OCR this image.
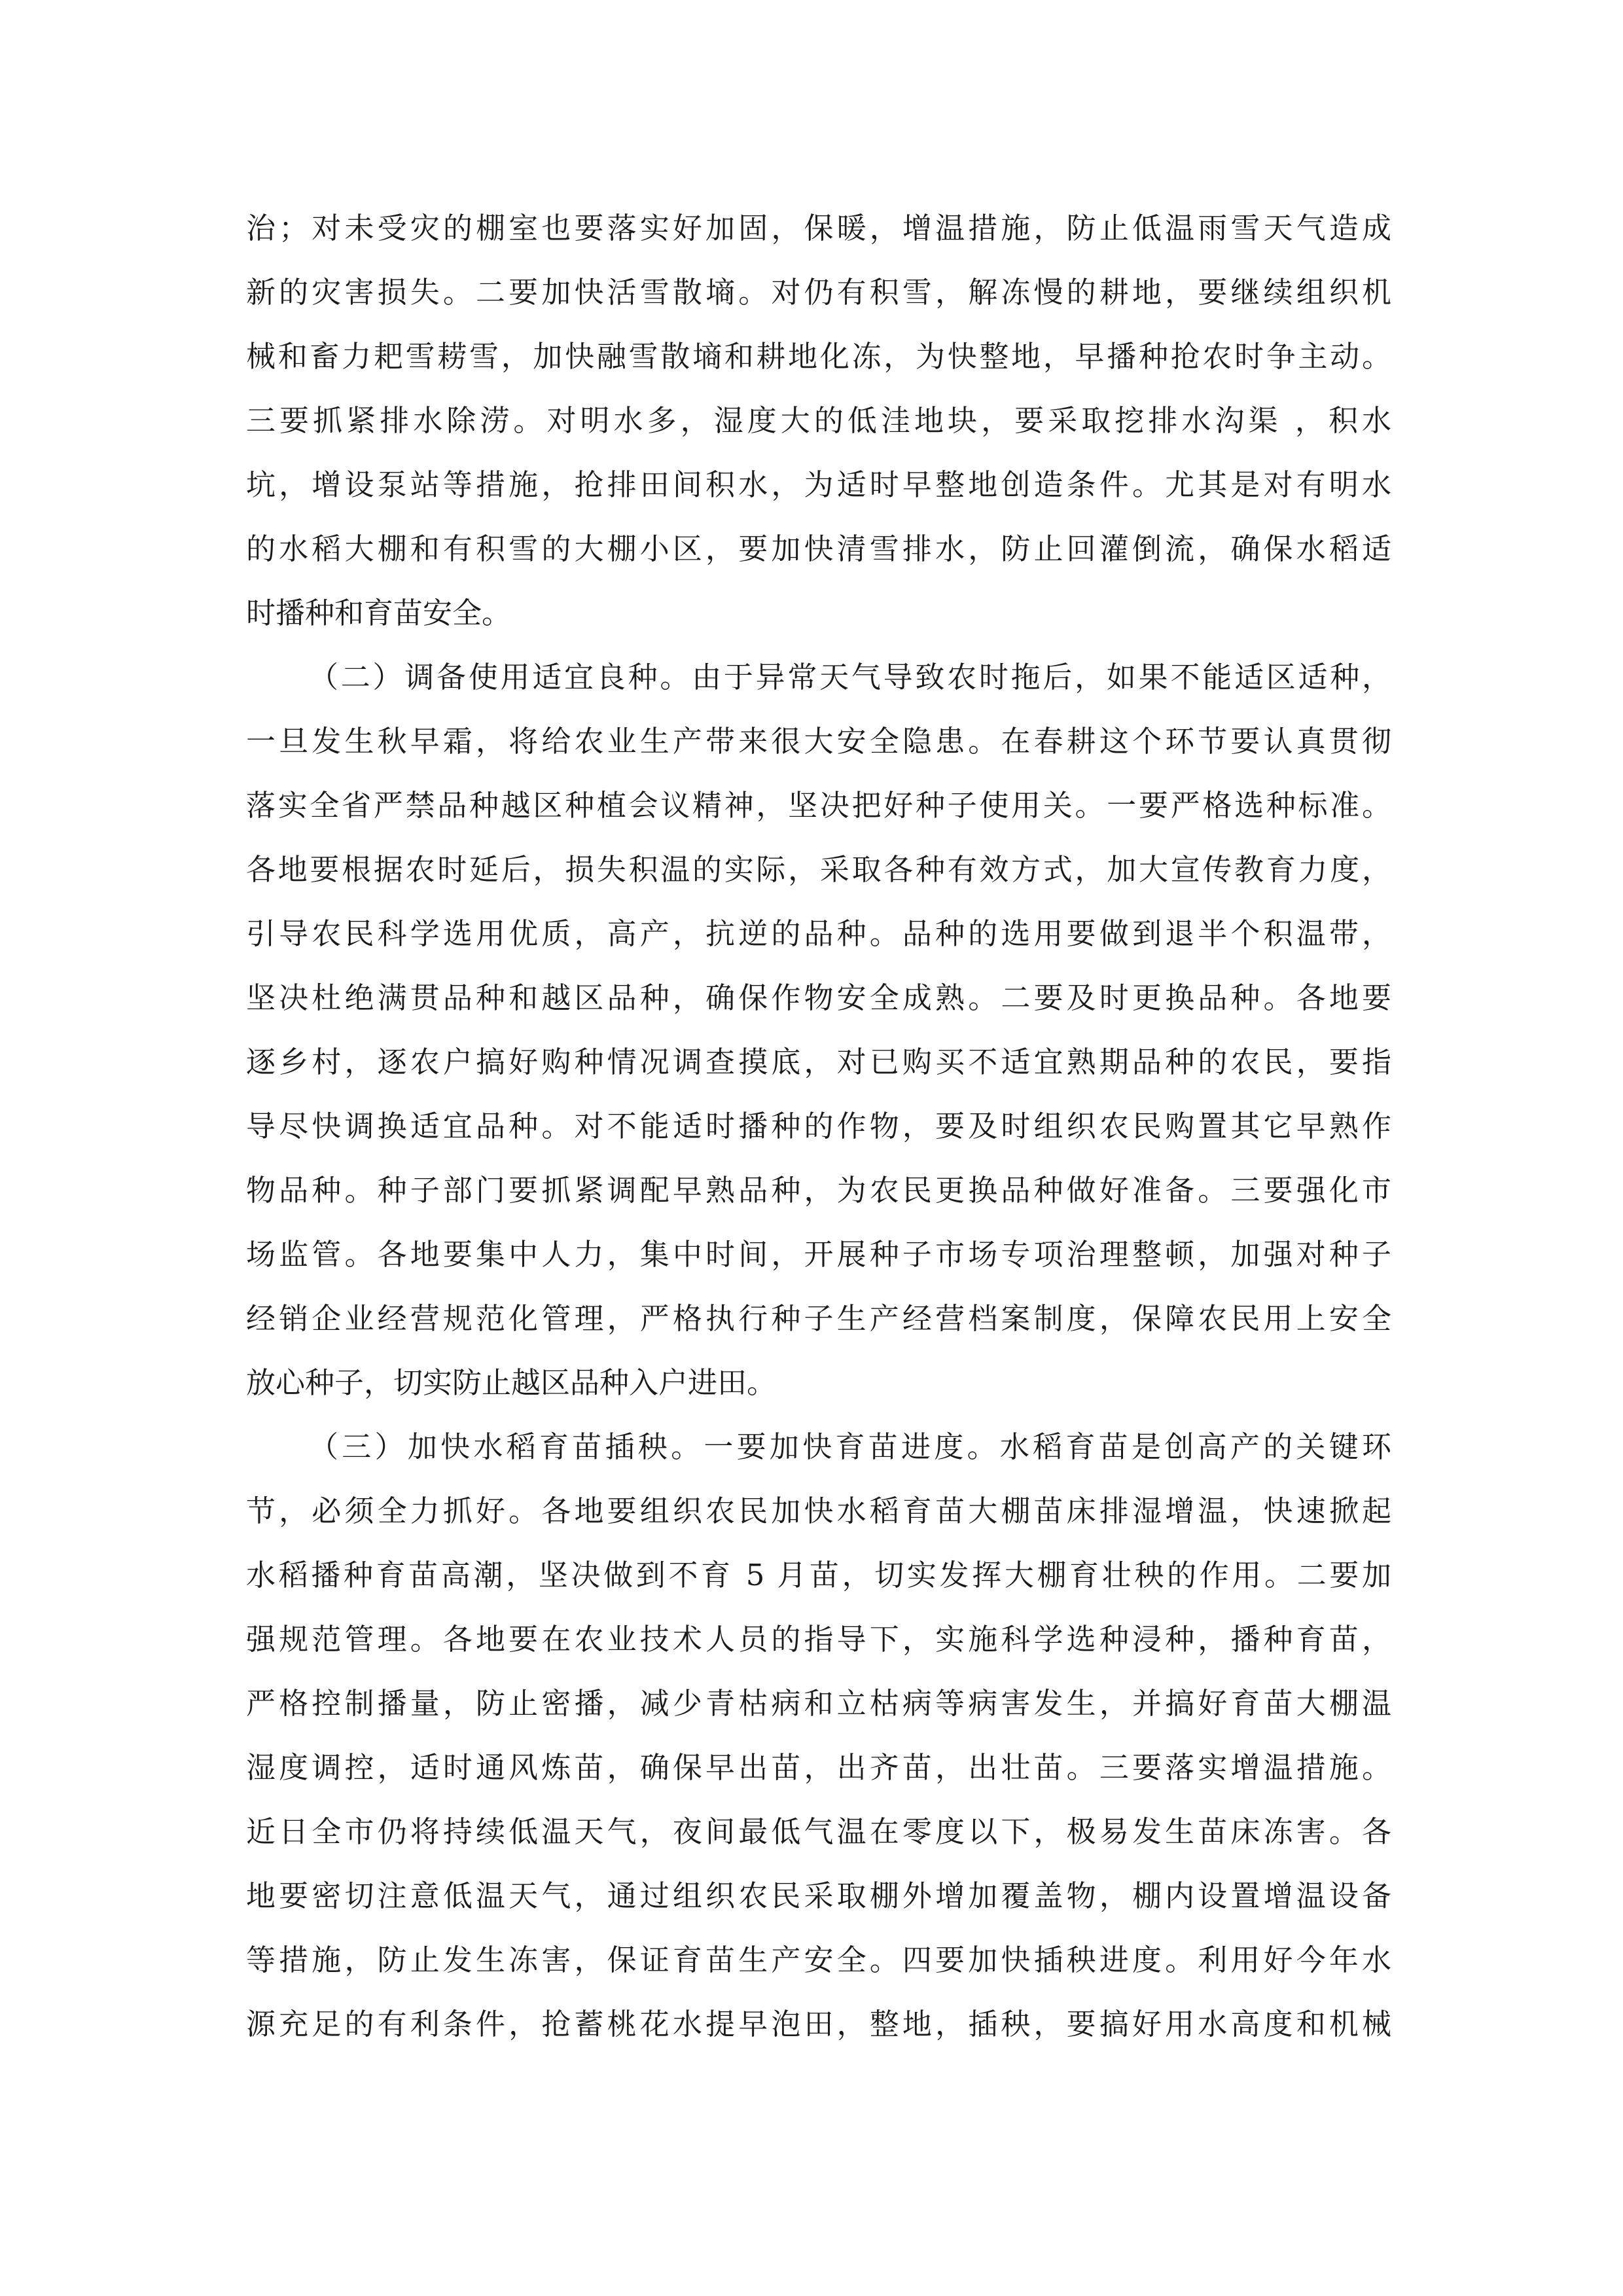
治；对未受灾的棚室也要落实好加固，保暖，增温措施，防止低温雨雪天气造成
新的灾害损失。二要加快活雪散墒。对仍有积雪，解冻慢的耕地，要继续组织机
械和畜力耙雪耢雪，加快融雪散墒和耕地化冻，为快整地，早播种抢农时争主动。
三要抓紧排水除涝。对明水多，湿度大的低洼地块，要采取挖排水沟渠 ，积水
坑，增设泵站等措施，抢排田间积水，为适时早整地创造条件。尤其是对有明水
的水稻大棚和有积雪的大棚小区，要加快清雪排水，防止回灌倒流，确保水稻适
时播种和育苗安全。
（二）调备使用适宜良种。由于异常天气导致农时拖后，如果不能适区适种，
一旦发生秋早霜，将给农业生产带来很大安全隐患。在春耕这个环节要认真贯彻
落实全省严禁品种越区种植会议精神，坚决把好种子使用关。一要严格选种标准。
各地要根据农时延后，损失积温的实际，采取各种有效方式，加大宣传教育力度，
引导农民科学选用优质，高产，抗逆的品种。品种的选用要做到退半个积温带，
坚决杜绝满贯品种和越区品种，确保作物安全成熟。二要及时更换品种。各地要
逐乡村，逐农户搞好购种情况调查摸底，对已购买不适宜熟期品种的农民，要指
导尽快调换适宜品种。对不能适时播种的作物，要及时组织农民购置其它早熟作
物品种。种子部门要抓紧调配早熟品种，为农民更换品种做好准备。三要强化市
场监管。各地要集中人力，集中时间，开展种子市场专项治理整顿，加强对种子
经销企业经营规范化管理，严格执行种子生产经营档案制度，保障农民用上安全
放心种子，切实防止越区品种入户进田。
（三）加快水稻育苗插秧。一要加快育苗进度。水稻育苗是创高产的关键环
节，必须全力抓好。各地要组织农民加快水稻育苗大棚苗床排湿增温，快速掀起
水稻播种育苗高潮，坚决做到不育 5 月苗，切实发挥大棚育壮秧的作用。二要加
强规范管理。各地要在农业技术人员的指导下，实施科学选种浸种，播种育苗，
严格控制播量，防止密播，减少青枯病和立枯病等病害发生，并搞好育苗大棚温
湿度调控，适时通风炼苗，确保早出苗，出齐苗，出壮苗。三要落实增温措施。
近日全市仍将持续低温天气，夜间最低气温在零度以下，极易发生苗床冻害。各
地要密切注意低温天气，通过组织农民采取棚外增加覆盖物，棚内设置增温设备
等措施，防止发生冻害，保证育苗生产安全。四要加快插秧进度。利用好今年水
源充足的有利条件，抢蓄桃花水提早泡田，整地，插秧，要搞好用水高度和机械
